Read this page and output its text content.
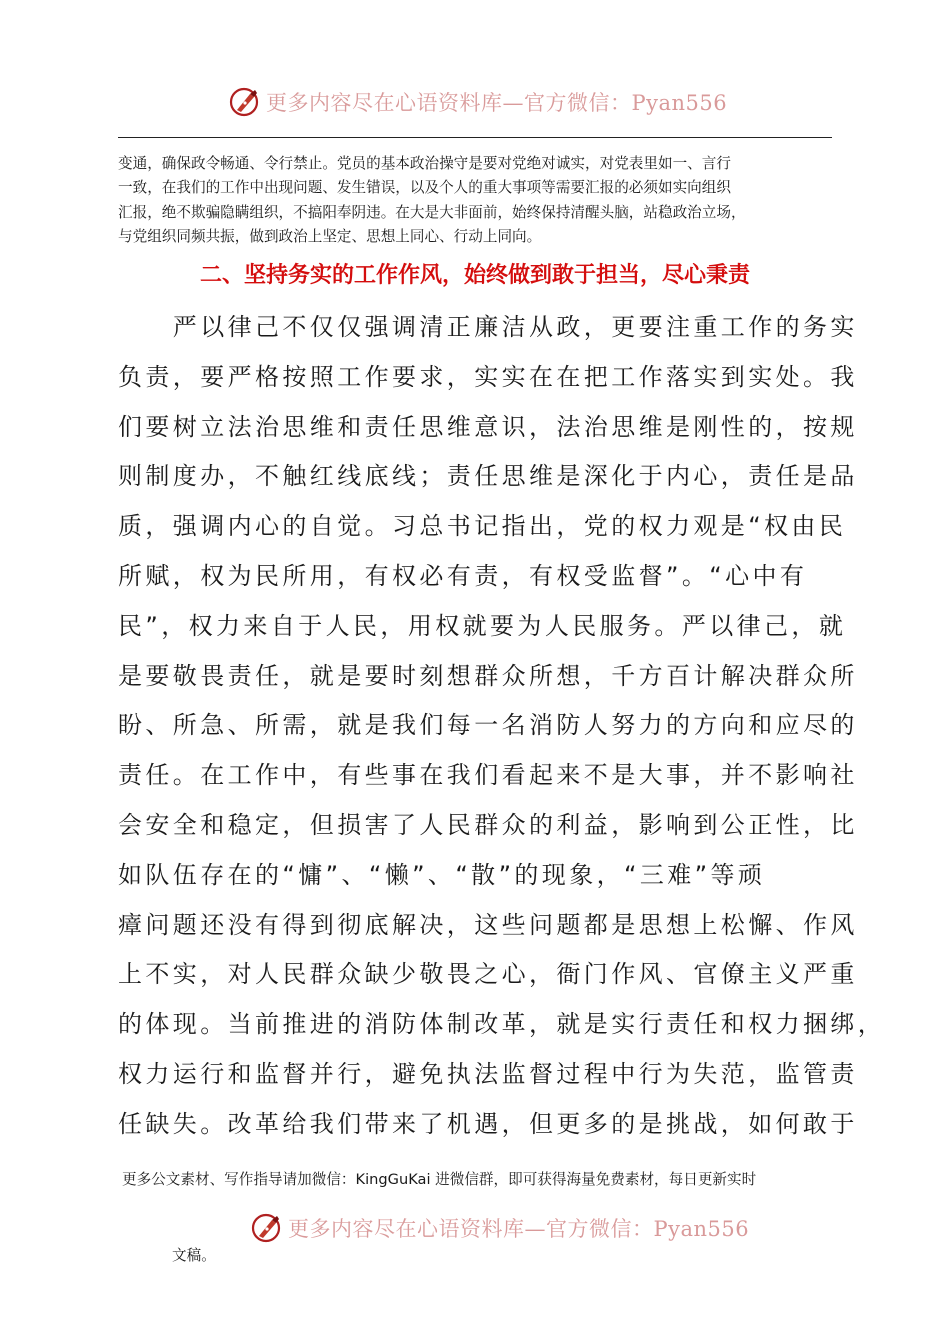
更多内容尽在心语资料库—官方微信：Pyan556
变通，确保政令畅通、令行禁止。党员的基本政治操守是要对党绝对诚实，对党表里如一、言行
一致，在我们的工作中出现问题、发生错误，以及个人的重大事项等需要汇报的必须如实向组织
汇报，绝不欺骗隐瞒组织，不搞阳奉阴违。在大是大非面前，始终保持清醒头脑，站稳政治立场，
与党组织同频共振，做到政治上坚定、思想上同心、行动上同向。
二、坚持务实的工作作风，始终做到敢于担当，尽心秉责
　　严以律己不仅仅强调清正廉洁从政，更要注重工作的务实
负责，要严格按照工作要求，实实在在把工作落实到实处。我
们要树立法治思维和责任思维意识，法治思维是刚性的，按规
则制度办，不触红线底线；责任思维是深化于内心，责任是品
质，强调内心的自觉。习总书记指出，党的权力观是“权由民
所赋，权为民所用，有权必有责，有权受监督”。“心中有
民”，权力来自于人民，用权就要为人民服务。严以律己，就
是要敬畏责任，就是要时刻想群众所想，千方百计解决群众所
盼、所急、所需，就是我们每一名消防人努力的方向和应尽的
责任。在工作中，有些事在我们看起来不是大事，并不影响社
会安全和稳定，但损害了人民群众的利益，影响到公正性，比
如队伍存在的“慵”、“懒”、“散”的现象，“三难”等顽
瘴问题还没有得到彻底解决，这些问题都是思想上松懈、作风
上不实，对人民群众缺少敬畏之心，衙门作风、官僚主义严重
的体现。当前推进的消防体制改革，就是实行责任和权力捆绑，
权力运行和监督并行，避免执法监督过程中行为失范，监管责
任缺失。改革给我们带来了机遇，但更多的是挑战，如何敢于
更多公文素材、写作指导请加微信：KingGuKai 进微信群，即可获得海量免费素材，每日更新实时
更多内容尽在心语资料库—官方微信：Pyan556
文稿。
